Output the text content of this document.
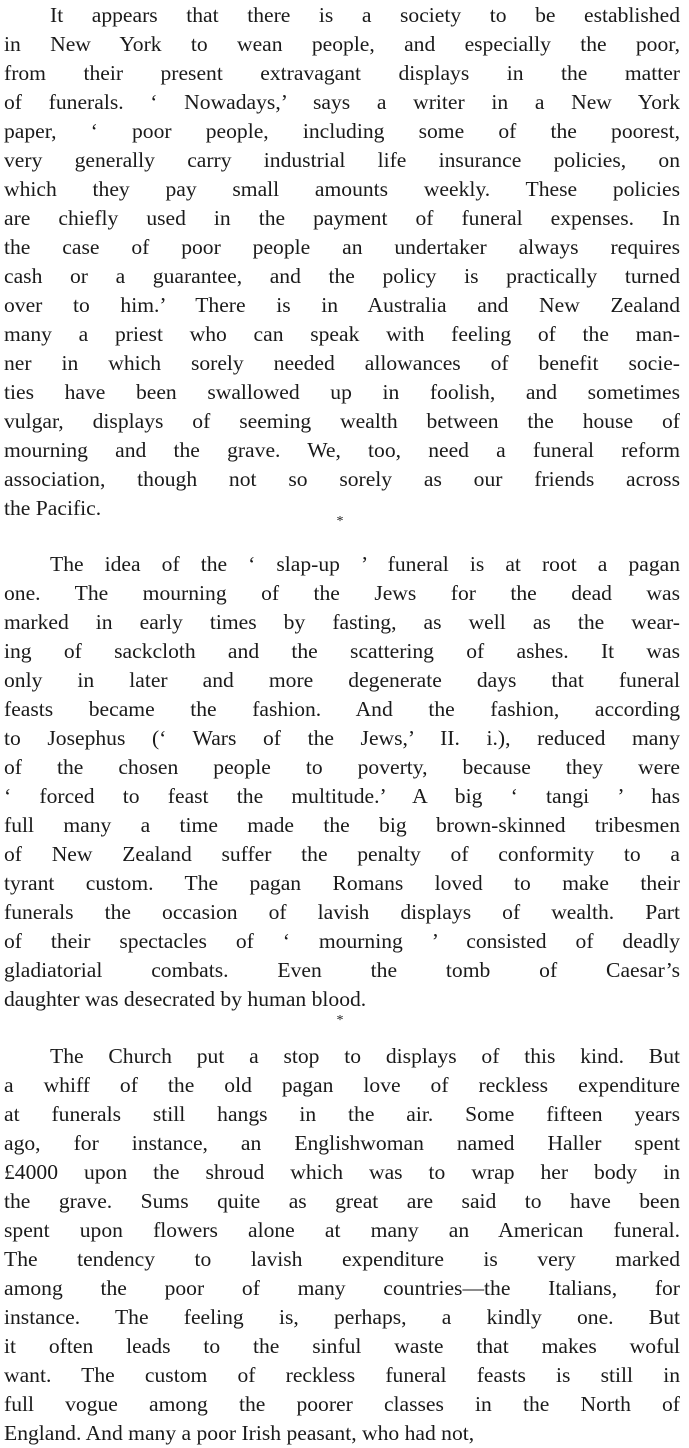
It appears that there is a society to be established
in New York to wean people, and especially the poor,
from their present extravagant displays in the matter
of funerals. ‘ Nowadays,’ says a writer in a New York
paper, ‘ poor people, including some of the poorest,
very generally carry industrial life insurance policies, on
which they pay small amounts weekly. These policies
are chiefly used in the payment of funeral expenses. In
the case of poor people an undertaker always requires
cash or a guarantee, and the policy is practically turned
over to him.’ There is in Australia and New Zealand
many a priest who can speak with feeling of the man-
ner in which sorely needed allowances of benefit socie-
ties have been swallowed up in foolish, and sometimes
vulgar, displays of seeming wealth between the house of
mourning and the grave. We, too, need a funeral reform
association, though not so sorely as our friends across
the Pacific.
*
The idea of the ‘ slap-up ’ funeral is at root a pagan
one. The mourning of the Jews for the dead was
marked in early times by fasting, as well as the wear-
ing of sackcloth and the scattering of ashes. It was
only in later and more degenerate days that funeral
feasts became the fashion. And the fashion, according
to Josephus (‘ Wars of the Jews,’ II. i.), reduced many
of the chosen people to poverty, because they were
‘ forced to feast the multitude.’ A big ‘ tangi ’ has
full many a time made the big brown-skinned tribesmen
of New Zealand suffer the penalty of conformity to a
tyrant custom. The pagan Romans loved to make their
funerals the occasion of lavish displays of wealth. Part
of their spectacles of ‘ mourning ’ consisted of deadly
gladiatorial combats. Even the tomb of Caesar’s
daughter was desecrated by human blood.
*
The Church put a stop to displays of this kind. But
a whiff of the old pagan love of reckless expenditure
at funerals still hangs in the air. Some fifteen years
ago, for instance, an Englishwoman named Haller spent
£4000 upon the shroud which was to wrap her body in
the grave. Sums quite as great are said to have been
spent upon flowers alone at many an American funeral.
The tendency to lavish expenditure is very marked
among the poor of many countries—the Italians, for
instance. The feeling is, perhaps, a kindly one. But
it often leads to the sinful waste that makes woful
want. The custom of reckless funeral feasts is still in
full vogue among the poorer classes in the North of
England. And many a poor Irish peasant, who had not,
